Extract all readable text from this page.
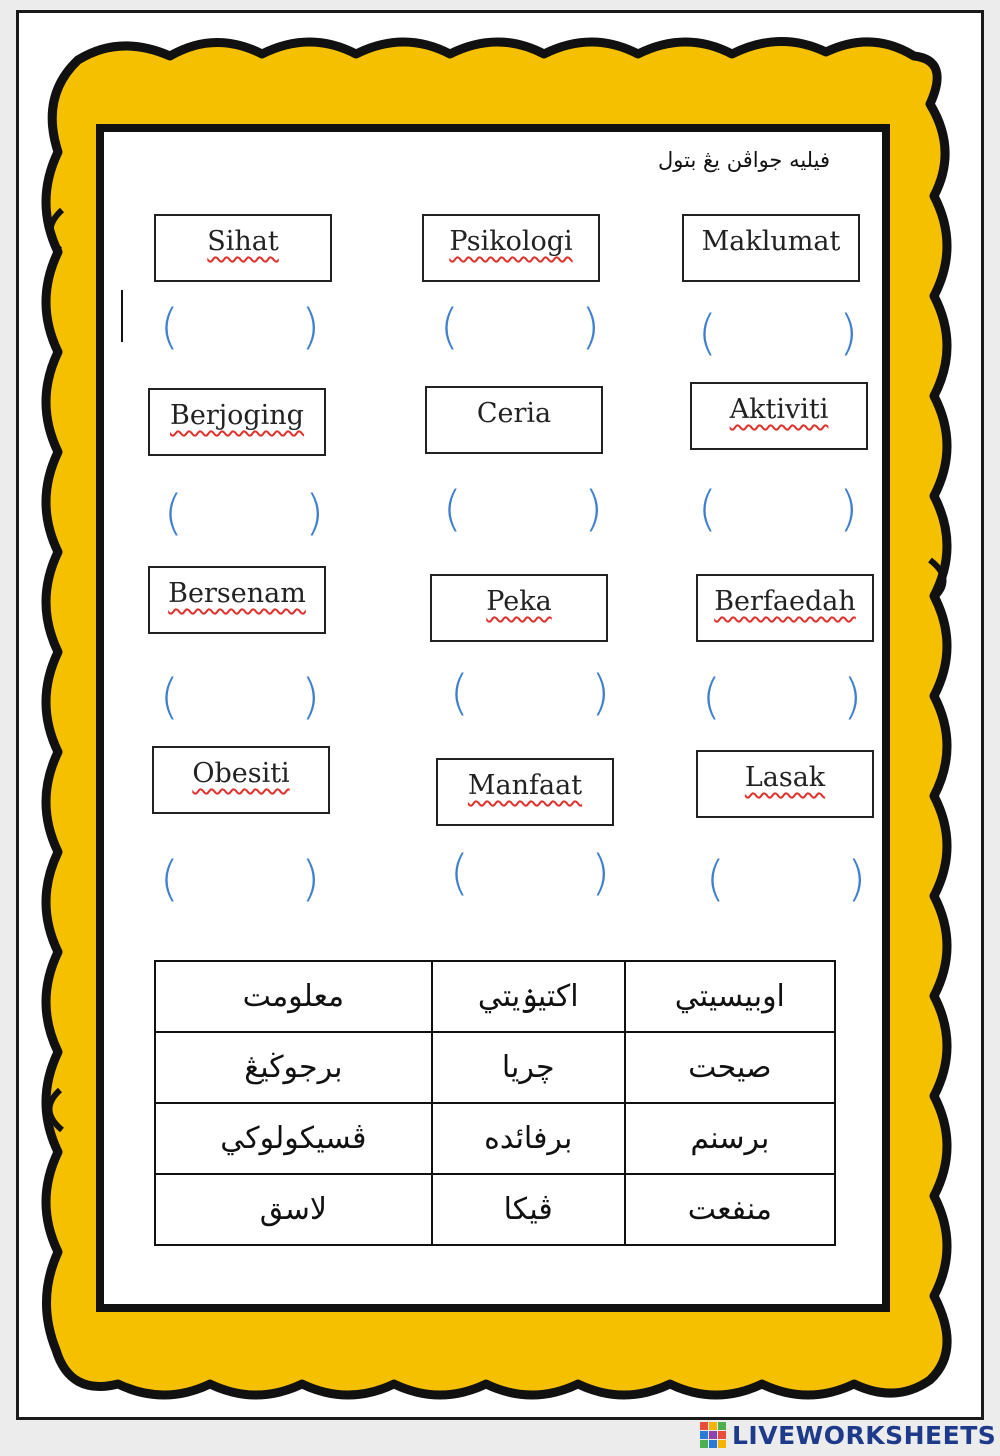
فيليه جواڤن يڠ بتول
Sihat	Psikologi	Maklumat
(	)	(	) (	)
Berjoging	Ceria	Aktiviti
(	) (	) (	)
Bersenam	Peka	Berfaedah
(	)	(	) (	)
Obesiti	Manfaat	Lasak
(	)	(	) (	)
معلومت	اكتيۏيتي	اوبيسيتي
برجوڬيڠ	چريا	صيحت
ڤسيكولوكي	برفائده	برسنم
لاسق	ڤيكا	منفعت
LIVEWORKSHEETS
